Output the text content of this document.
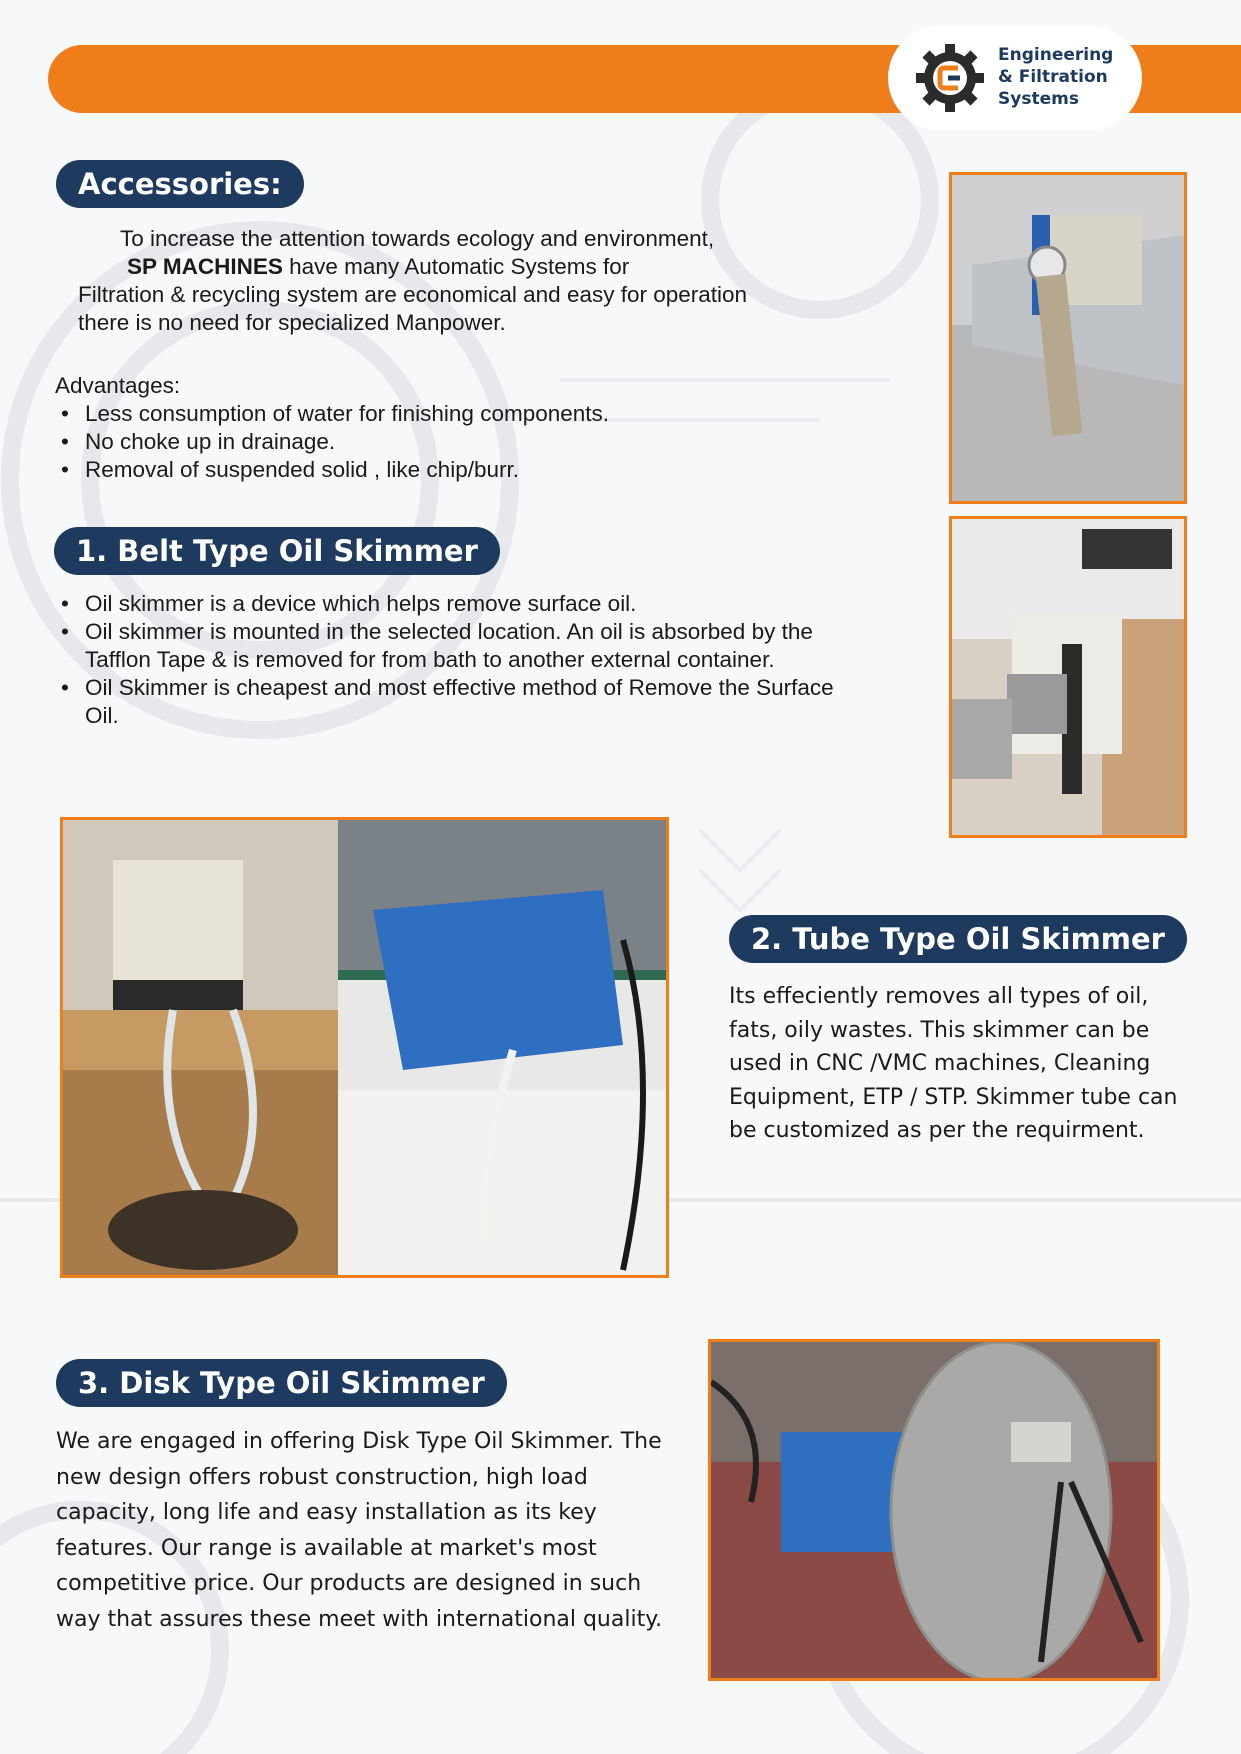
Engineering
& Filtration
Systems
Accessories:

To increase the attention towards ecology and environment,

SP MACHINES have many Automatic Systems for

Filtration & recycling system are economical and easy for operation

there is no need for specialized Manpower.

Advantages:
• Less consumption of water for finishing components.
• No choke up in drainage.
• Removal of suspended solid , like chip/burr.
1. Belt Type Oil Skimmer
• Oil skimmer is a device which helps remove surface oil.
• Oil skimmer is mounted in the selected location. An oil is absorbed by the Tafflon Tape & is removed for from bath to another external container.
• Oil Skimmer is cheapest and most effective method of Remove the Surface Oil.
2. Tube Type Oil Skimmer
Its effeciently removes all types of oil, fats, oily wastes. This skimmer can be used in CNC /VMC machines, Cleaning Equipment, ETP / STP. Skimmer tube can be customized as per the requirment.
3. Disk Type Oil Skimmer
We are engaged in offering Disk Type Oil Skimmer. The new design offers robust construction, high load capacity, long life and easy installation as its key features. Our range is available at market's most competitive price. Our products are designed in such way that assures these meet with international quality.
